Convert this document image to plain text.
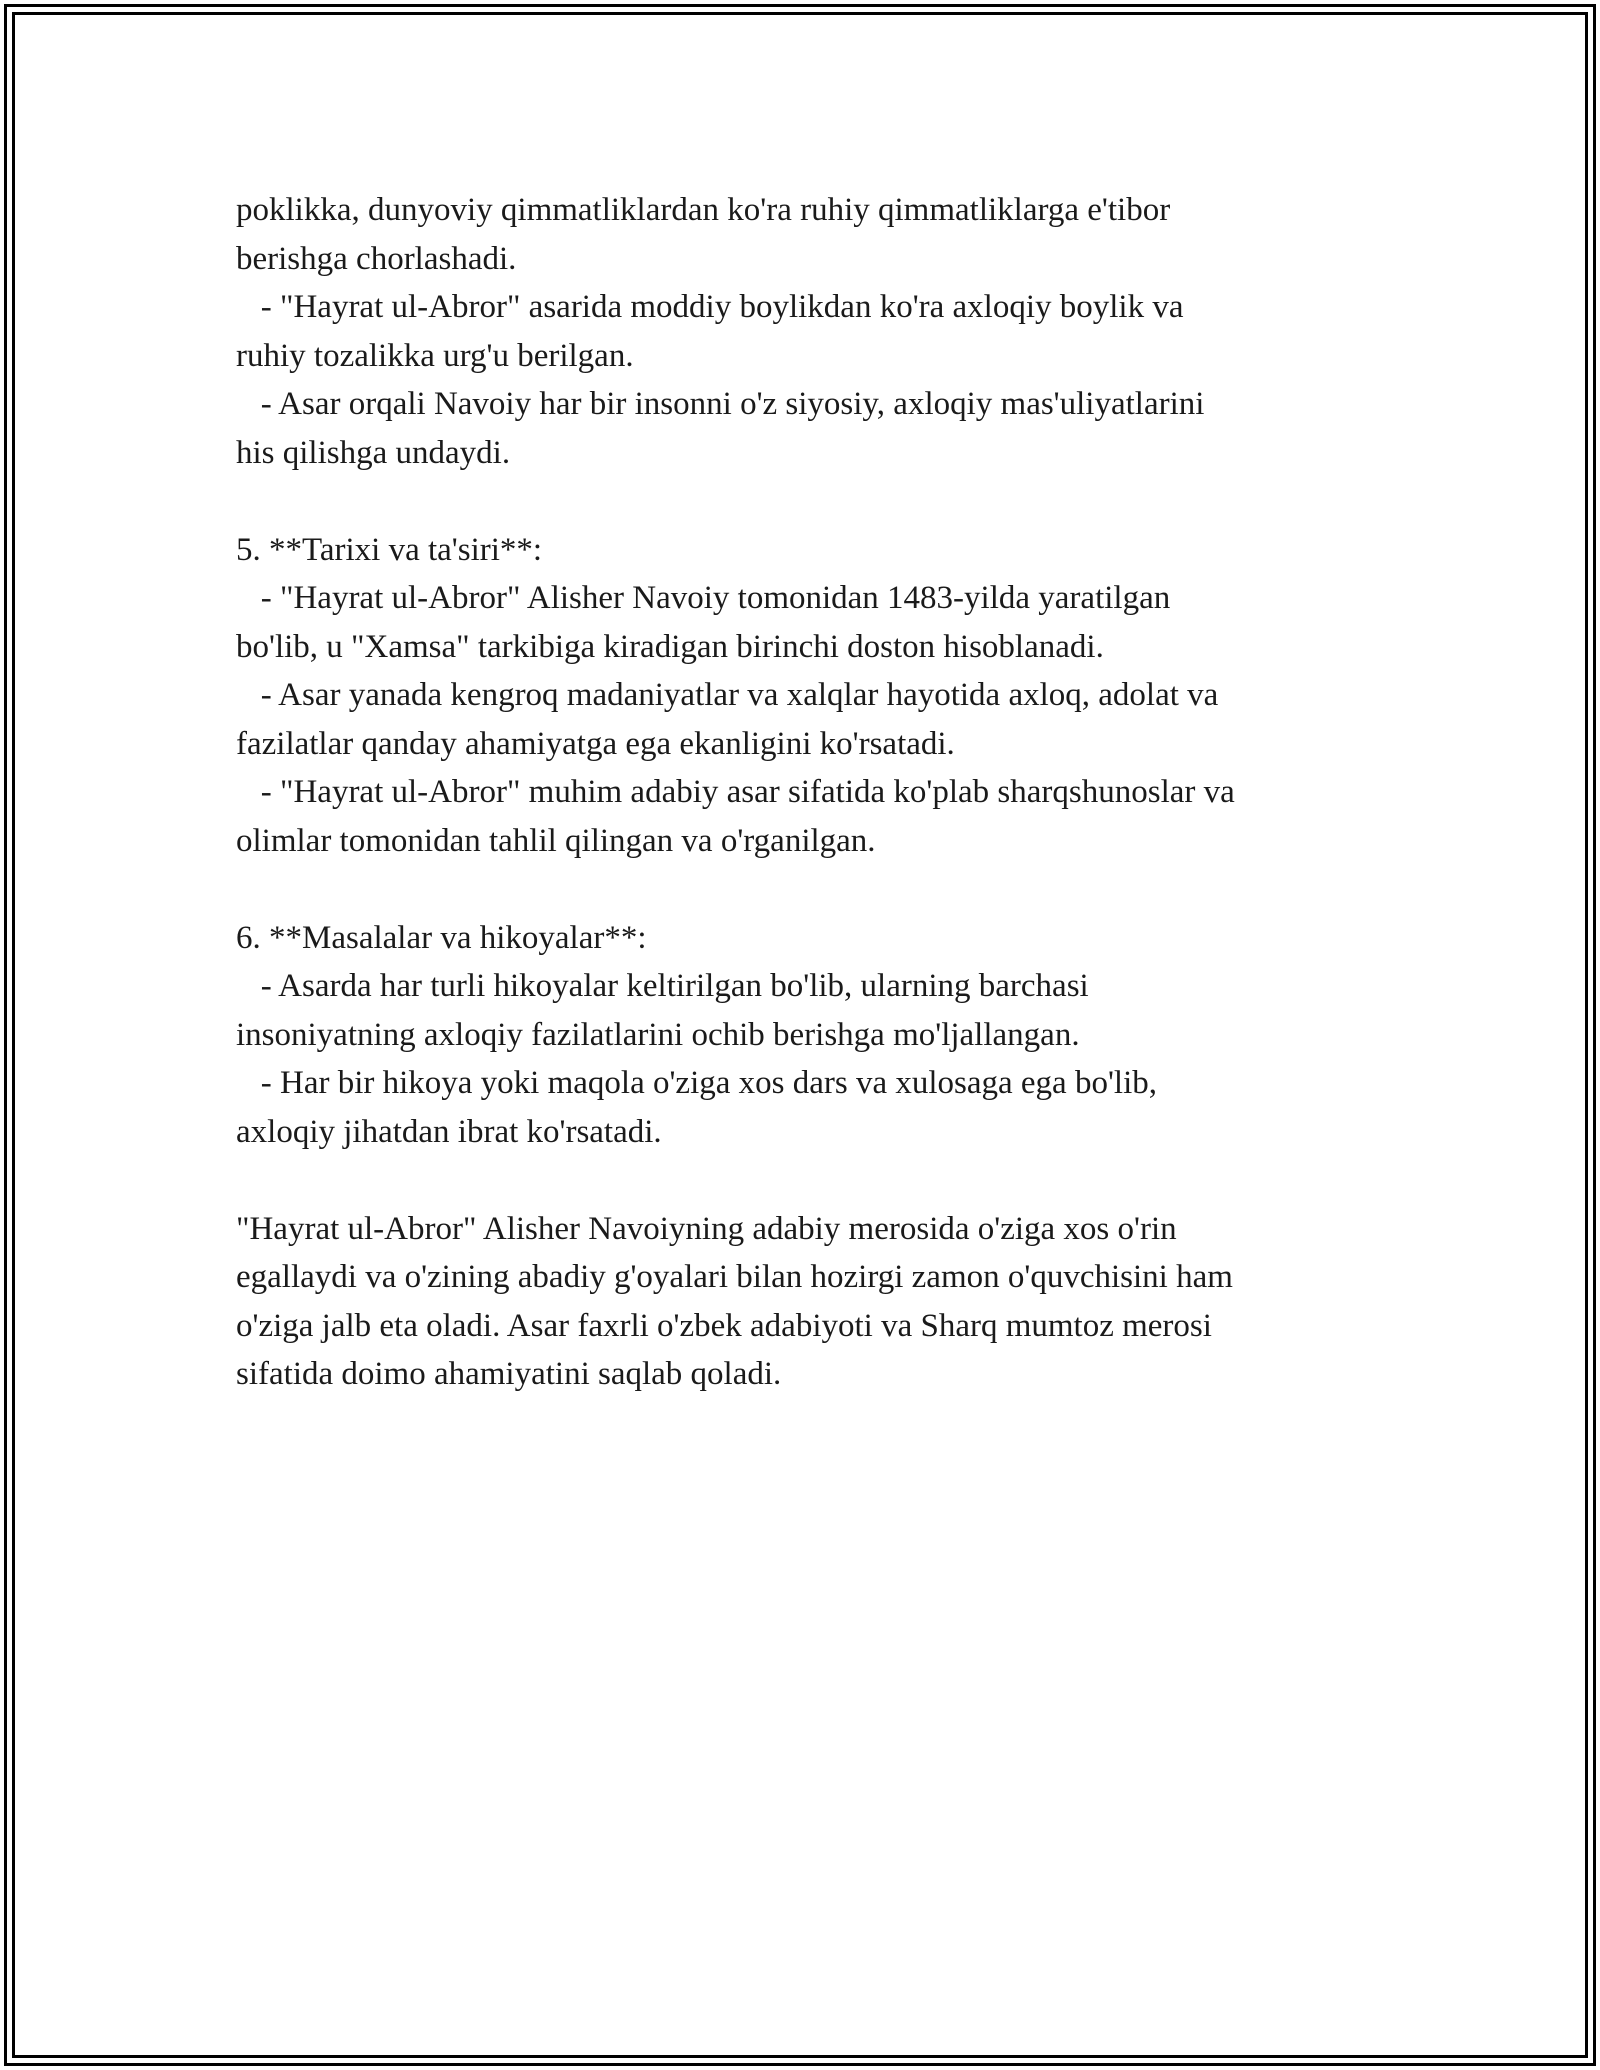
poklikka, dunyoviy qimmatliklardan ko'ra ruhiy qimmatliklarga e'tibor
berishga chorlashadi.
- "Hayrat ul-Abror" asarida moddiy boylikdan ko'ra axloqiy boylik va
ruhiy tozalikka urg'u berilgan.
- Asar orqali Navoiy har bir insonni o'z siyosiy, axloqiy mas'uliyatlarini
his qilishga undaydi.
5. **Tarixi va ta'siri**:
- "Hayrat ul-Abror" Alisher Navoiy tomonidan 1483-yilda yaratilgan
bo'lib, u "Xamsa" tarkibiga kiradigan birinchi doston hisoblanadi.
- Asar yanada kengroq madaniyatlar va xalqlar hayotida axloq, adolat va
fazilatlar qanday ahamiyatga ega ekanligini ko'rsatadi.
- "Hayrat ul-Abror" muhim adabiy asar sifatida ko'plab sharqshunoslar va
olimlar tomonidan tahlil qilingan va o'rganilgan.
6. **Masalalar va hikoyalar**:
- Asarda har turli hikoyalar keltirilgan bo'lib, ularning barchasi
insoniyatning axloqiy fazilatlarini ochib berishga mo'ljallangan.
- Har bir hikoya yoki maqola o'ziga xos dars va xulosaga ega bo'lib,
axloqiy jihatdan ibrat ko'rsatadi.
"Hayrat ul-Abror" Alisher Navoiyning adabiy merosida o'ziga xos o'rin
egallaydi va o'zining abadiy g'oyalari bilan hozirgi zamon o'quvchisini ham
o'ziga jalb eta oladi. Asar faxrli o'zbek adabiyoti va Sharq mumtoz merosi
sifatida doimo ahamiyatini saqlab qoladi.
